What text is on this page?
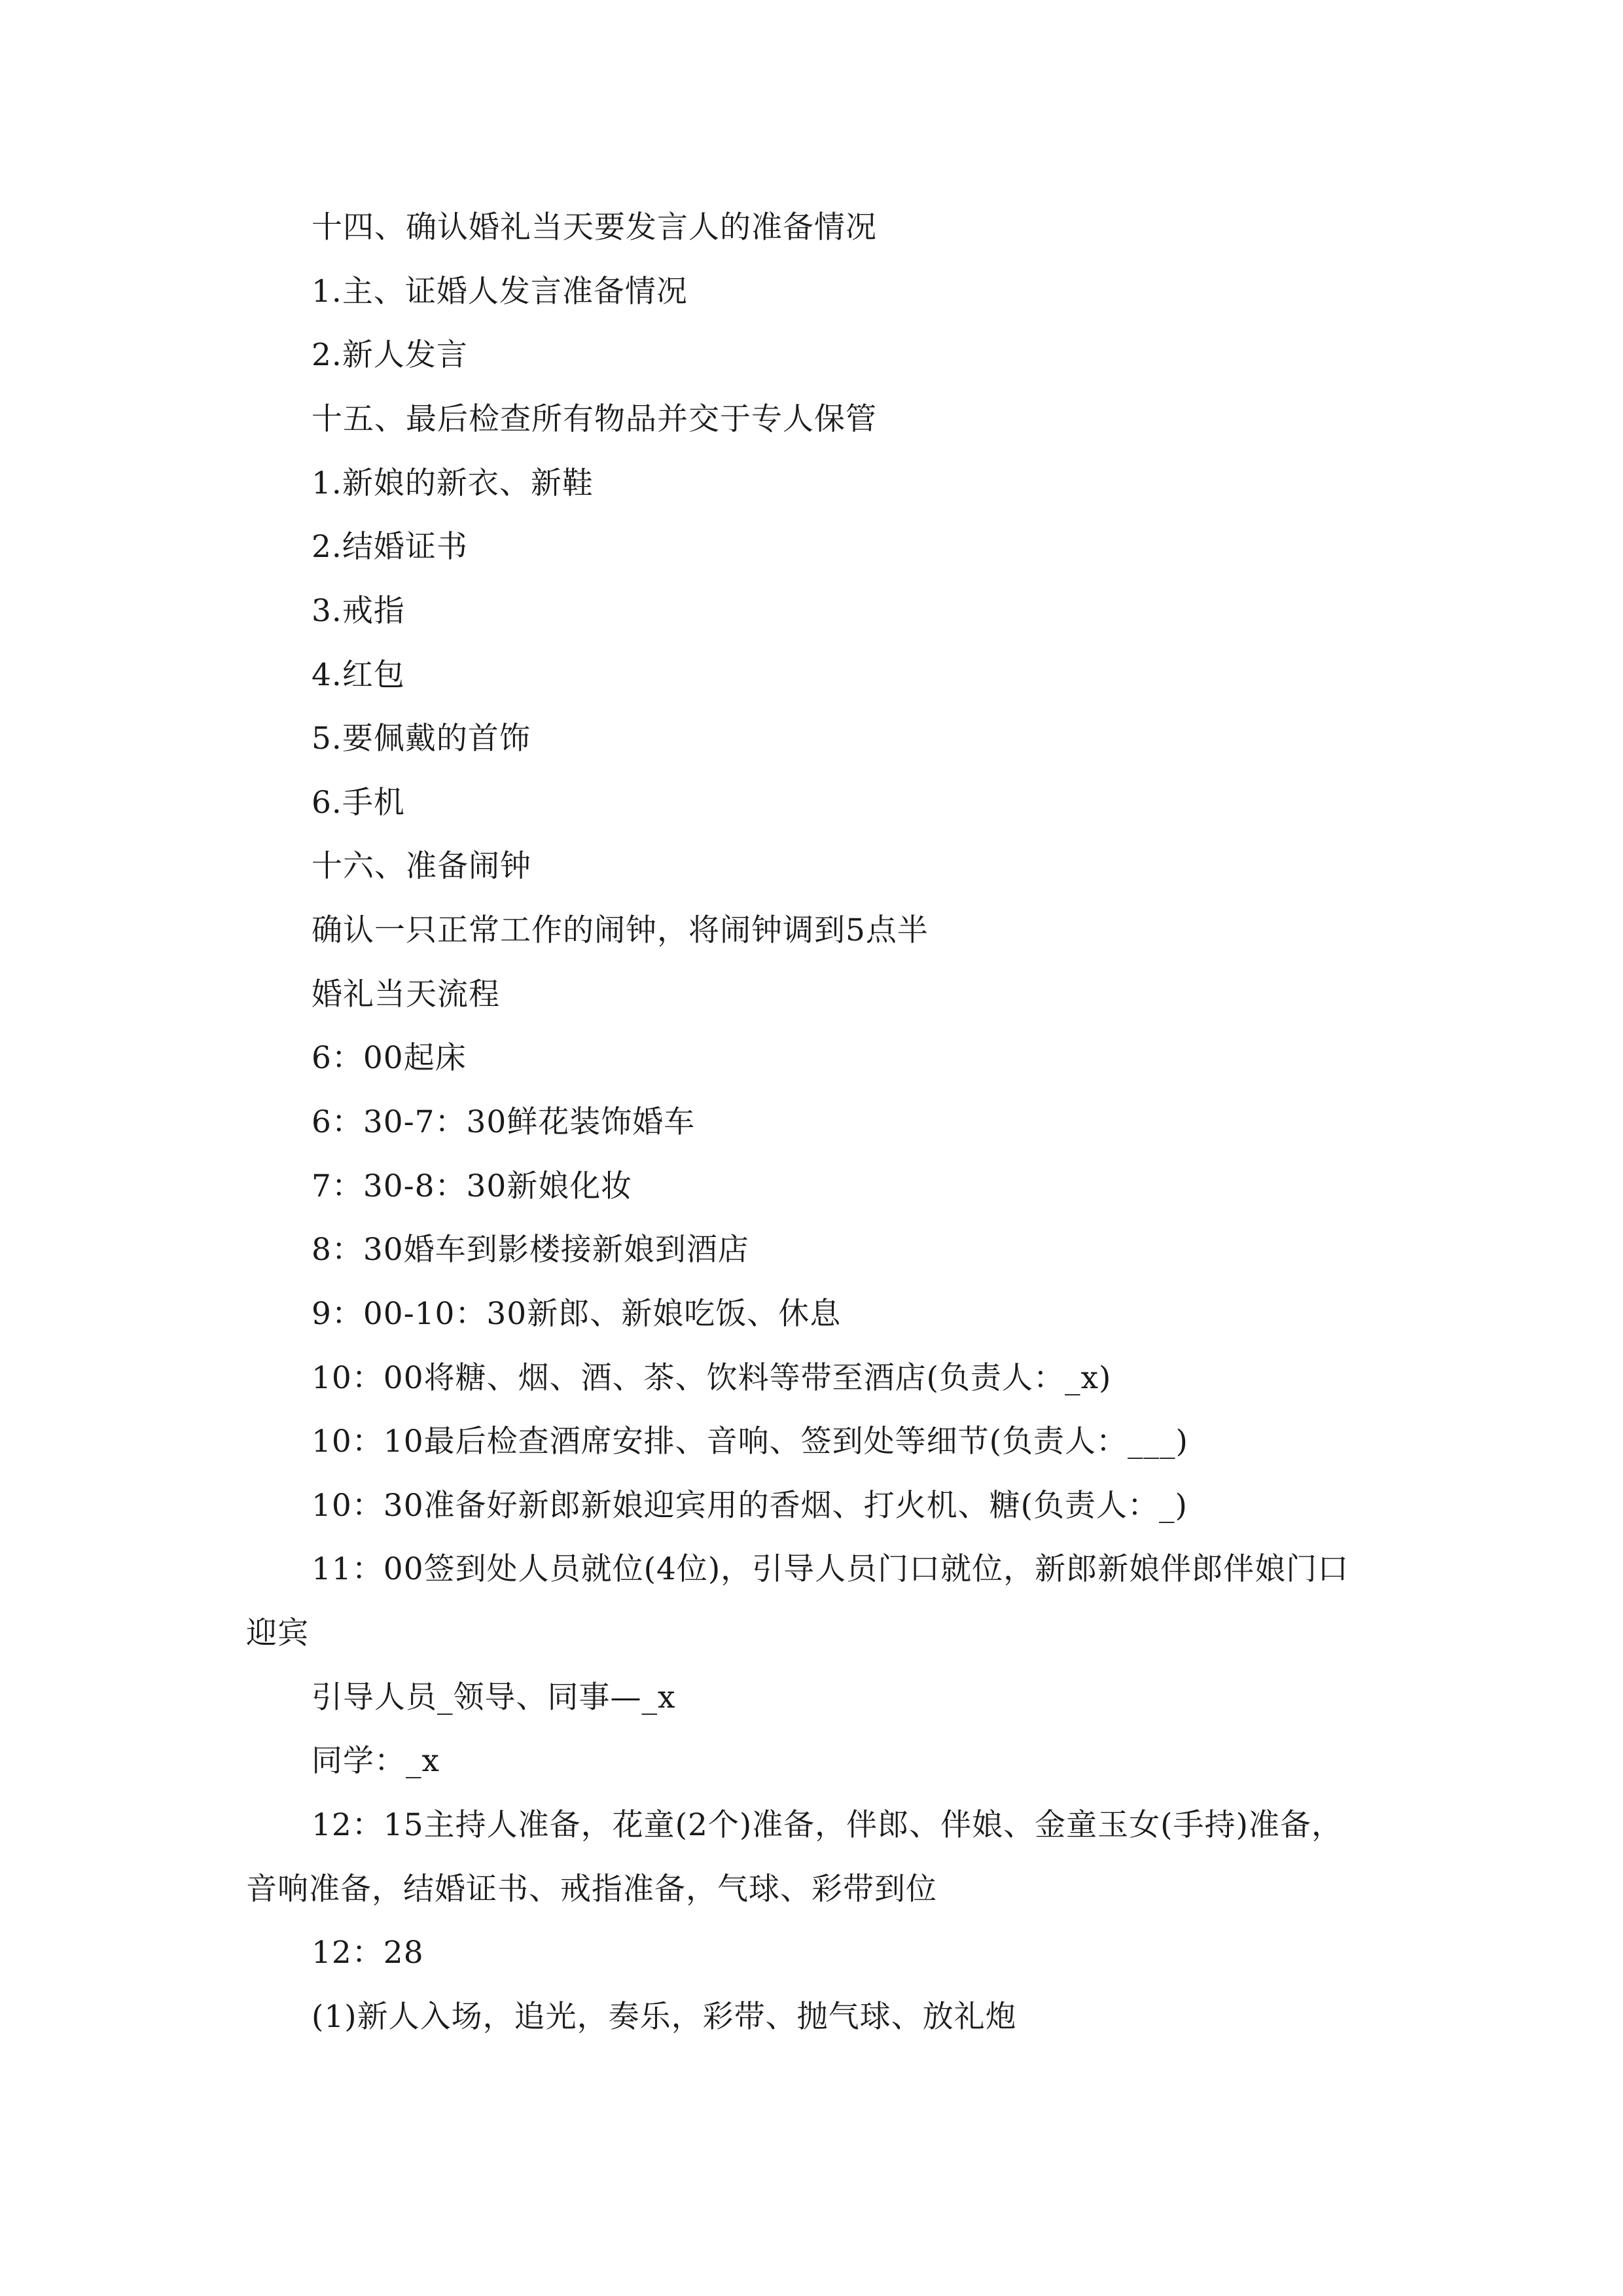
十四、确认婚礼当天要发言人的准备情况
1.主、证婚人发言准备情况
2.新人发言
十五、最后检查所有物品并交于专人保管
1.新娘的新衣、新鞋
2.结婚证书
3.戒指
4.红包
5.要佩戴的首饰
6.手机
十六、准备闹钟
确认一只正常工作的闹钟，将闹钟调到5点半
婚礼当天流程
6：00起床
6：30-7：30鲜花装饰婚车
7：30-8：30新娘化妆
8：30婚车到影楼接新娘到酒店
9：00-10：30新郎、新娘吃饭、休息
10：00将糖、烟、酒、茶、饮料等带至酒店(负责人：_x)
10：10最后检查酒席安排、音响、签到处等细节(负责人：___)
10：30准备好新郎新娘迎宾用的香烟、打火机、糖(负责人：_)
11：00签到处人员就位(4位)，引导人员门口就位，新郎新娘伴郎伴娘门口
迎宾
引导人员_领导、同事—_x
同学：_x
12：15主持人准备，花童(2个)准备，伴郎、伴娘、金童玉女(手持)准备，
音响准备，结婚证书、戒指准备，气球、彩带到位
12：28
(1)新人入场，追光，奏乐，彩带、抛气球、放礼炮
